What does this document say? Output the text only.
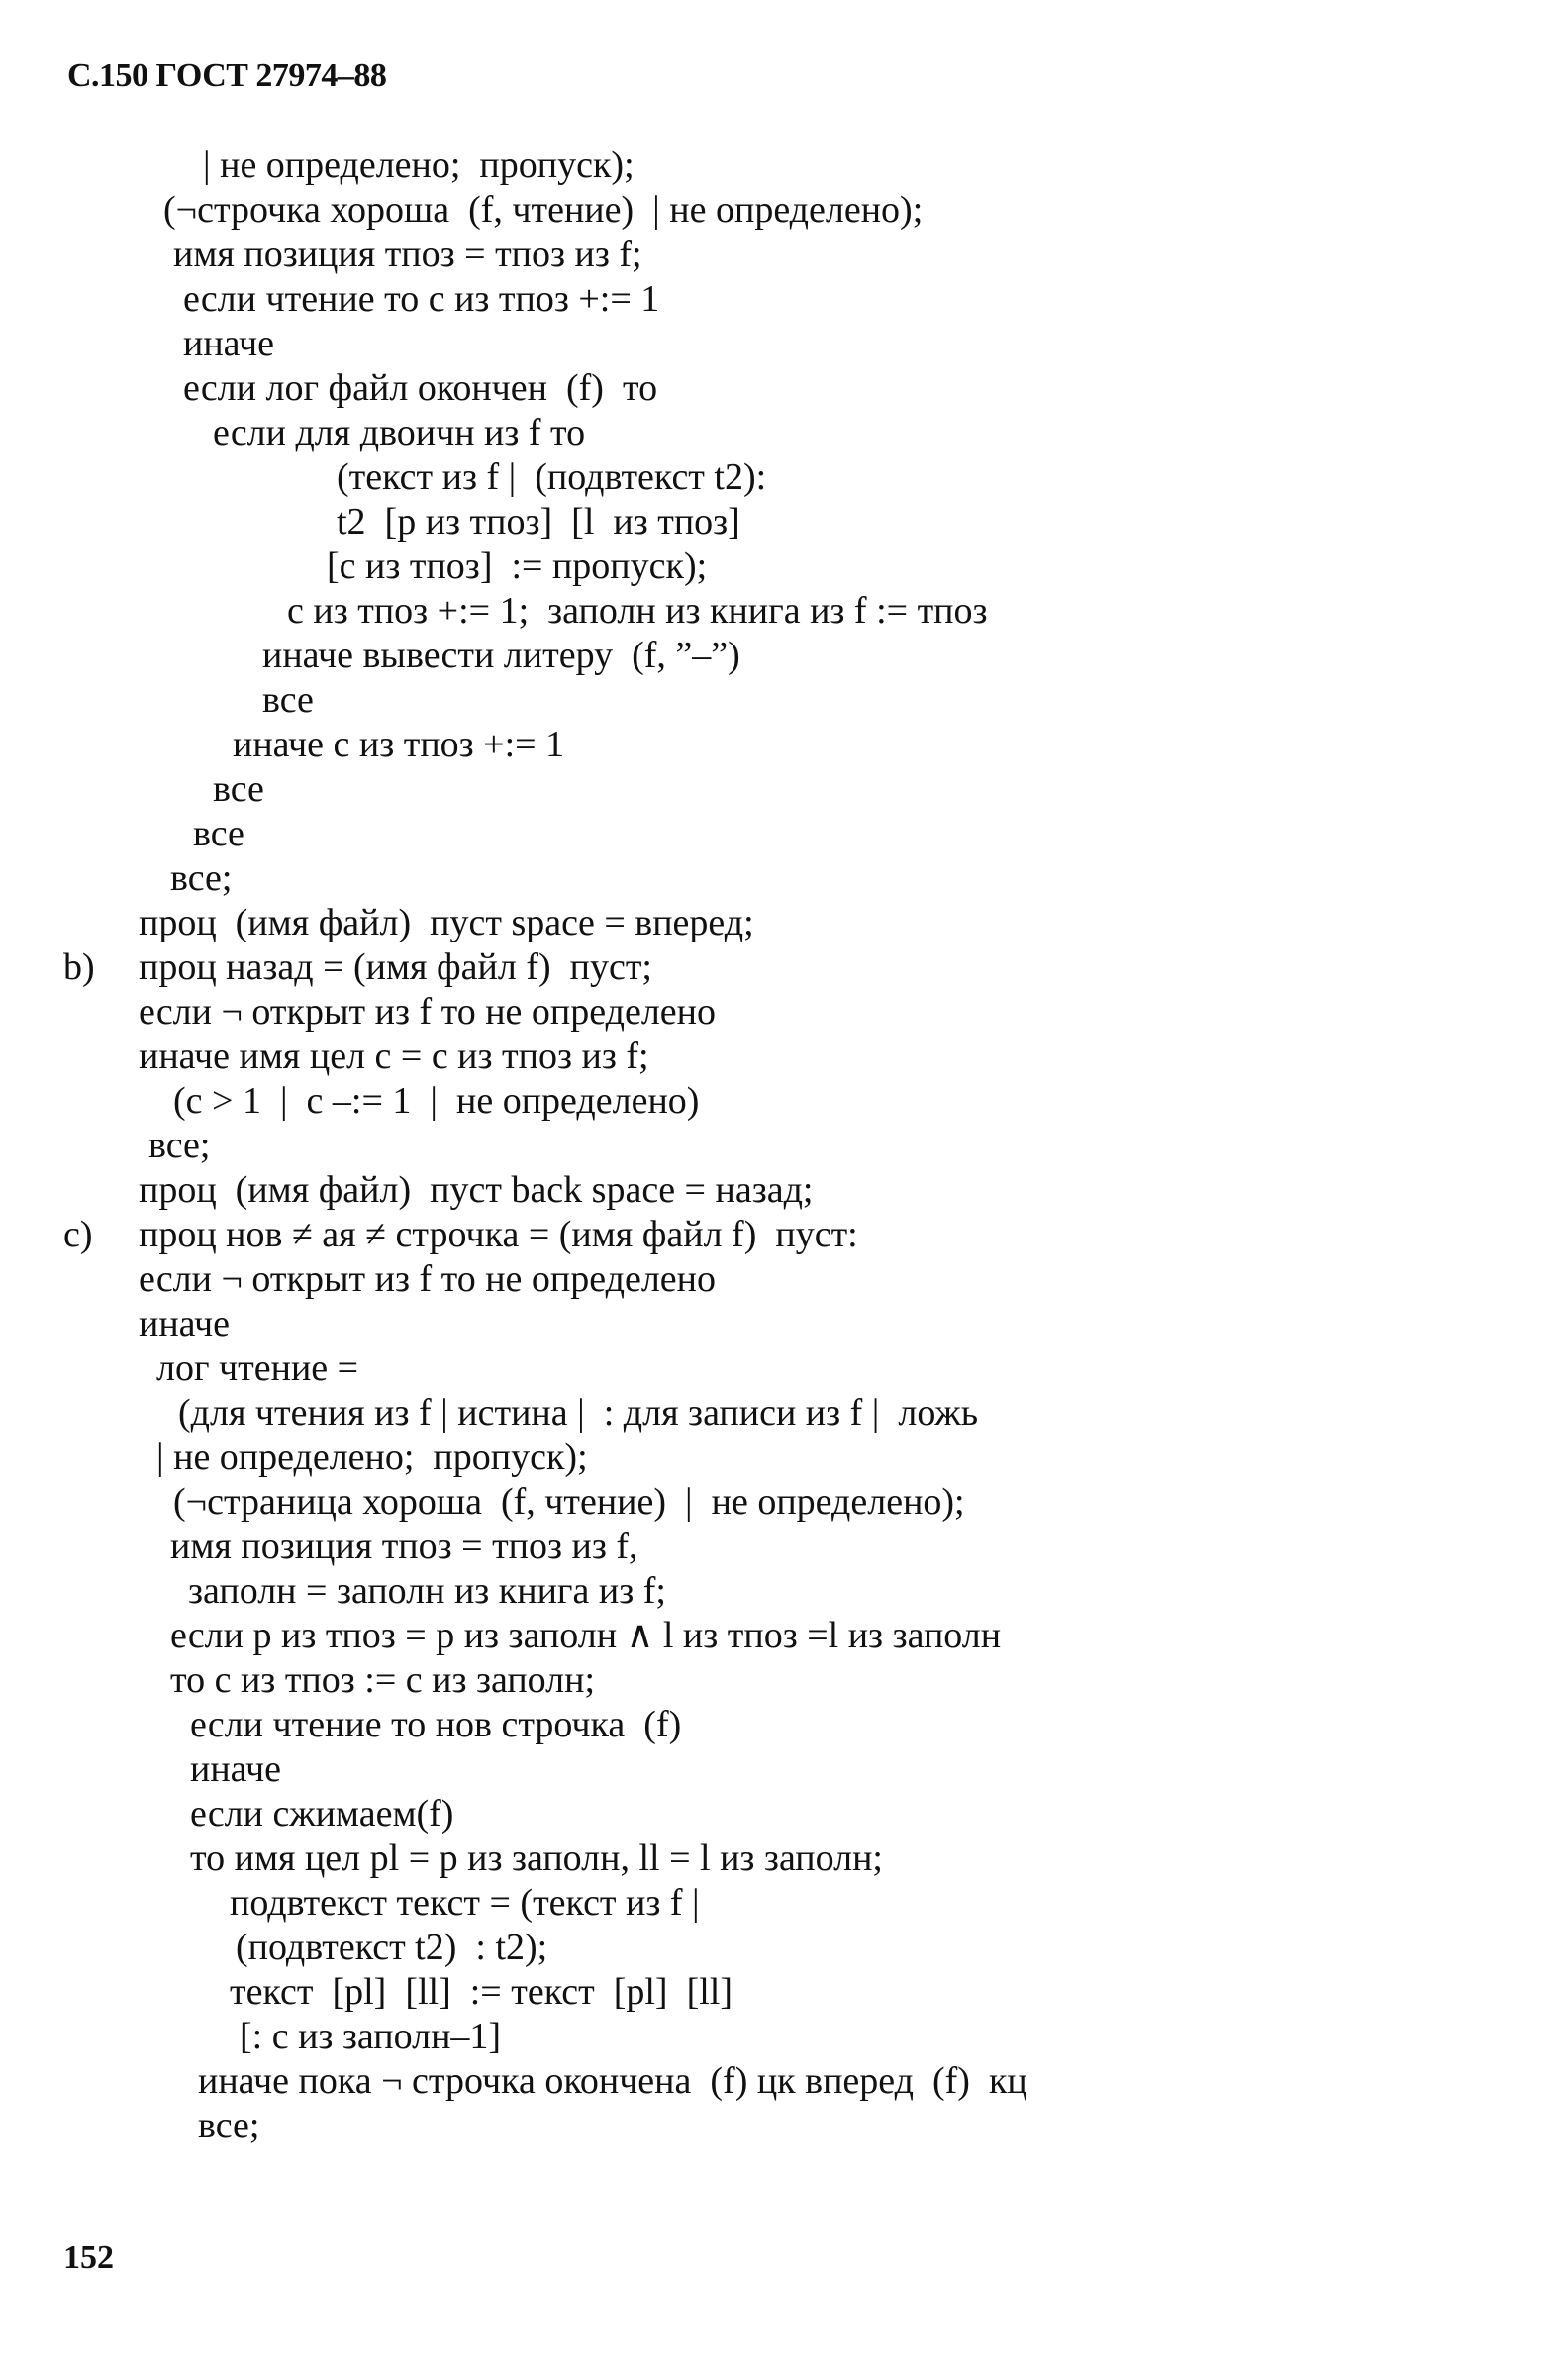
С.150 ГОСТ 27974–88
| не определено;  пропуск);
(¬строчка хороша  (f, чтение)  | не определено);
имя позиция тпоз = тпоз из f;
если чтение то с из тпоз +:= 1
иначе
если лог файл окончен  (f)  то
если для двоичн из f то
(текст из f |  (подвтекст t2):
t2  [р из тпоз]  [l  из тпоз]
[с из тпоз]  := пропуск);
с из тпоз +:= 1;  заполн из книга из f := тпоз
иначе вывести литеру  (f, ”–”)
все
иначе с из тпоз +:= 1
все
все
все;
проц  (имя файл)  пуст space = вперед;
b) проц назад = (имя файл f)  пуст;
если ¬ открыт из f то не определено
иначе имя цел с = с из тпоз из f;
(с > 1  |  с –:= 1  |  не определено)
все;
проц  (имя файл)  пуст back space = назад;
c) проц нов ≠ ая ≠ строчка = (имя файл f)  пуст:
если ¬ открыт из f то не определено
иначе
лог чтение =
(для чтения из f | истина |  : для записи из f |  ложь
| не определено;  пропуск);
(¬страница хороша  (f, чтение)  |  не определено);
имя позиция тпоз = тпоз из f,
заполн = заполн из книга из f;
если р из тпоз = р из заполн ∧ l из тпоз =l из заполн
то с из тпоз := с из заполн;
если чтение то нов строчка  (f)
иначе
если сжимаем(f)
то имя цел pl = р из заполн, ll = l из заполн;
подвтекст текст = (текст из f |
(подвтекст t2)  : t2);
текст  [pl]  [ll]  := текст  [pl]  [ll]
[: с из заполн–1]
иначе пока ¬ строчка окончена  (f) цк вперед  (f)  кц
все;
152
